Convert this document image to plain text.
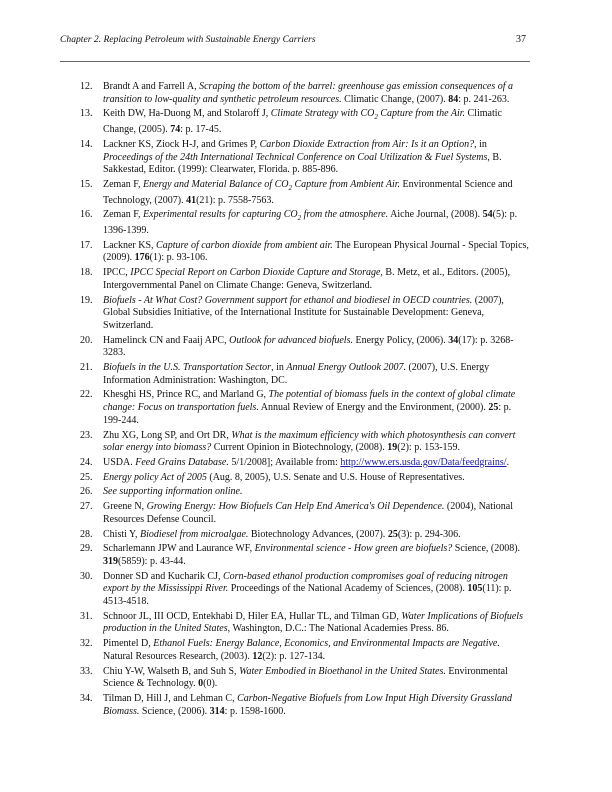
Chapter 2. Replacing Petroleum with Sustainable Energy Carriers	37
12. Brandt A and Farrell A, Scraping the bottom of the barrel: greenhouse gas emission consequences of a transition to low-quality and synthetic petroleum resources. Climatic Change, (2007). 84: p. 241-263.
13. Keith DW, Ha-Duong M, and Stolaroff J, Climate Strategy with $CO_2$ Capture from the Air. Climatic Change, (2005). 74: p. 17-45.
14. Lackner KS, Ziock H-J, and Grimes P, Carbon Dioxide Extraction from Air: Is it an Option?, in Proceedings of the 24th International Technical Conference on Coal Utilization & Fuel Systems, B. Sakkestad, Editor. (1999): Clearwater, Florida. p. 885-896.
15. Zeman F, Energy and Material Balance of $CO_2$ Capture from Ambient Air. Environmental Science and Technology, (2007). 41(21): p. 7558-7563.
16. Zeman F, Experimental results for capturing $CO_2$ from the atmosphere. Aiche Journal, (2008). 54(5): p. 1396-1399.
17. Lackner KS, Capture of carbon dioxide from ambient air. The European Physical Journal - Special Topics, (2009). 176(1): p. 93-106.
18. IPCC, IPCC Special Report on Carbon Dioxide Capture and Storage, B. Metz, et al., Editors. (2005), Intergovernmental Panel on Climate Change: Geneva, Switzerland.
19. Biofuels - At What Cost? Government support for ethanol and biodiesel in OECD countries. (2007), Global Subsidies Initiative, of the International Institute for Sustainable Development: Geneva, Switzerland.
20. Hamelinck CN and Faaij APC, Outlook for advanced biofuels. Energy Policy, (2006). 34(17): p. 3268-3283.
21. Biofuels in the U.S. Transportation Sector, in Annual Energy Outlook 2007. (2007), U.S. Energy Information Administration: Washington, DC.
22. Khesghi HS, Prince RC, and Marland G, The potential of biomass fuels in the context of global climate change: Focus on transportation fuels. Annual Review of Energy and the Environment, (2000). 25: p. 199-244.
23. Zhu XG, Long SP, and Ort DR, What is the maximum efficiency with which photosynthesis can convert solar energy into biomass? Current Opinion in Biotechnology, (2008). 19(2): p. 153-159.
24. USDA. Feed Grains Database. 5/1/2008]; Available from: http://www.ers.usda.gov/Data/feedgrains/.
25. Energy policy Act of 2005 (Aug. 8, 2005), U.S. Senate and U.S. House of Representatives.
26. See supporting information online.
27. Greene N, Growing Energy: How Biofuels Can Help End America's Oil Dependence. (2004), National Resources Defense Council.
28. Chisti Y, Biodiesel from microalgae. Biotechnology Advances, (2007). 25(3): p. 294-306.
29. Scharlemann JPW and Laurance WF, Environmental science - How green are biofuels? Science, (2008). 319(5859): p. 43-44.
30. Donner SD and Kucharik CJ, Corn-based ethanol production compromises goal of reducing nitrogen export by the Mississippi River. Proceedings of the National Academy of Sciences, (2008). 105(11): p. 4513-4518.
31. Schnoor JL, III OCD, Entekhabi D, Hiler EA, Hullar TL, and Tilman GD, Water Implications of Biofuels production in the United States, Washington, D.C.: The National Academies Press. 86.
32. Pimentel D, Ethanol Fuels: Energy Balance, Economics, and Environmental Impacts are Negative. Natural Resources Research, (2003). 12(2): p. 127-134.
33. Chiu Y-W, Walseth B, and Suh S, Water Embodied in Bioethanol in the United States. Environmental Science & Technology. 0(0).
34. Tilman D, Hill J, and Lehman C, Carbon-Negative Biofuels from Low Input High Diversity Grassland Biomass. Science, (2006). 314: p. 1598-1600.
